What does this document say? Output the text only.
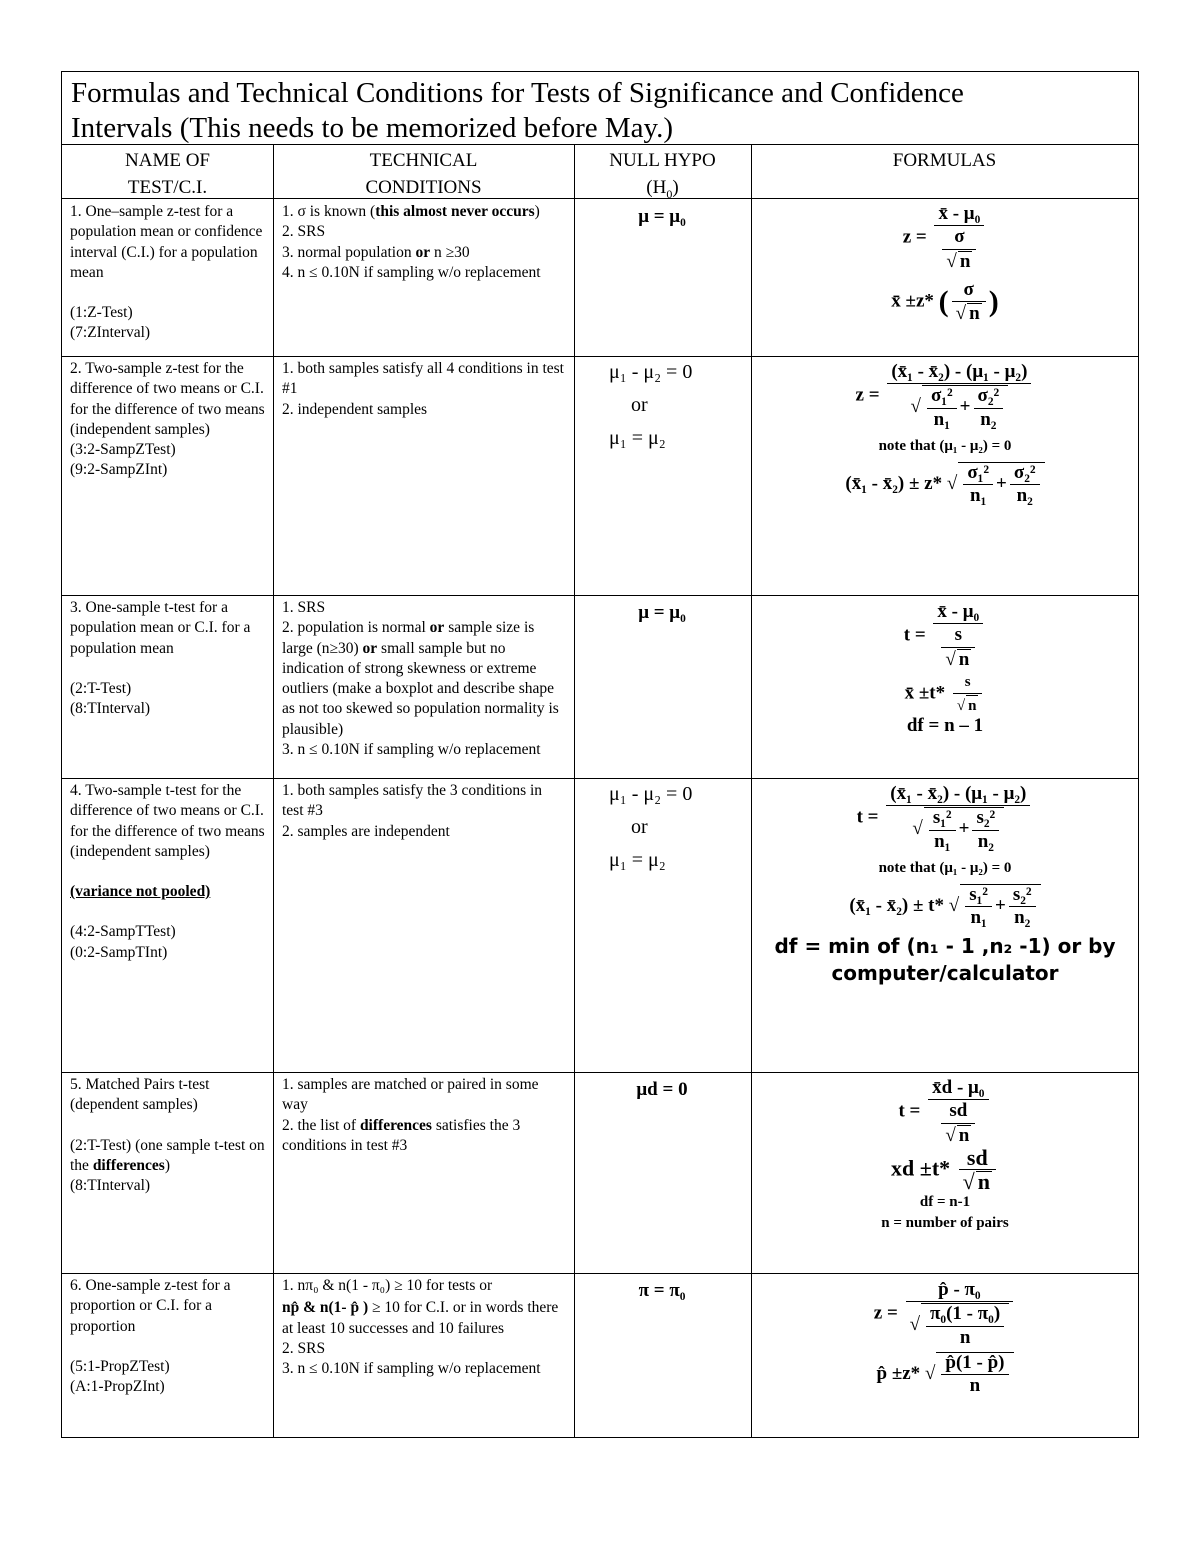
Formulas and Technical Conditions for Tests of Significance and Confidence
Intervals (This needs to be memorized before May.)
NAME OF
TEST/C.I.
TECHNICAL
CONDITIONS
NULL HYPO
$(H_0)$
FORMULAS

1. One–sample z-test for a population mean or confidence interval (C.I.) for a population mean

(1:Z-Test)

(7:ZInterval)

1. σ is known (this almost never occurs)

2. SRS

3. normal population or n ≥30

4. n ≤ 0.10N if sampling w/o replacement

μ = μ₀
$z = \frac{\text{x̄ - μ₀}}{\frac{\sigma}{√ n}}$
x̄ ±z* ( $\frac{\sigma}{√ n}$ )

2. Two-sample z-test for the difference of two means or C.I. for the difference of two means (independent samples)

(3:2-SampZTest)

(9:2-SampZInt)

1. both samples satisfy all 4 conditions in test #1

2. independent samples

μ₁ - μ₂ = 0
or
μ₁ = μ₂
$z = \frac{\text{(x̄₁ - x̄₂) - (μ₁ - μ₂)}}{√ \frac{\text{σ₁²}}{\text{n₁}} + \frac{\text{σ₂²}}{\text{n₂}}}$
note that (μ₁ - μ₂) = 0
(x̄₁ - x̄₂) ± z* √ $\frac{\text{σ₁²}}{\text{n₁}} + \frac{\text{σ₂²}}{\text{n₂}}$

3. One-sample t-test for a population mean or C.I. for a population mean

(2:T-Test)

(8:TInterval)

1. SRS

2. population is normal or sample size is large (n≥30) or small sample but no indication of strong skewness or extreme outliers (make a boxplot and describe shape as not too skewed so population normality is plausible)

3. n ≤ 0.10N if sampling w/o replacement

μ = μ₀
$t = \frac{\text{x̄ - μ₀}}{\frac{s}{√ n}}$
x̄ $\pm t* \frac{s}{√ n}$
df = n – 1

4. Two-sample t-test for the difference of two means or C.I. for the difference of two means (independent samples)

(variance not pooled)

(4:2-SampTTest)

(0:2-SampTInt)

1. both samples satisfy the 3 conditions in test #3

2. samples are independent

μ₁ - μ₂ = 0
or
μ₁ = μ₂
$t = \frac{\text{(x̄₁ - x̄₂) - (μ₁ - μ₂)}}{√ \frac{\text{s₁²}}{\text{n₁}} + \frac{\text{s₂²}}{\text{n₂}}}$
note that (μ₁ - μ₂) = 0
(x̄₁ - x̄₂) ± t* √ $\frac{\text{s₁²}}{\text{n₁}} + \frac{\text{s₂²}}{\text{n₂}}$
df = min of (n₁ - 1 ,n₂ -1) or by
computer/calculator

5. Matched Pairs t-test (dependent samples)

(2:T-Test) (one sample t-test on the differences)

(8:TInterval)

1. samples are matched or paired in some way

2. the list of differences satisfies the 3 conditions in test #3

μd = 0
$t = \frac{\text{x̄d - μ₀}}{\frac{sd}{√ n}}$
xd $\pm t* \frac{sd}{√ n}$
df = n-1
n = number of pairs

6. One-sample z-test for a proportion or C.I. for a proportion

(5:1-PropZTest)

(A:1-PropZInt)

1. nπ₀ & n(1 - π₀) ≥ 10 for tests or

np̂ & n(1- p̂ ) ≥ 10 for C.I. or in words there at least 10 successes and 10 failures

2. SRS

3. n ≤ 0.10N if sampling w/o replacement

π = π₀
$z = \frac{\text{p̂ - π₀}}{√ \frac{\text{π₀(1 - π₀)}}{n}}$
p̂ ±z* √ $\frac{p̂(1 - p̂)}{n}$
